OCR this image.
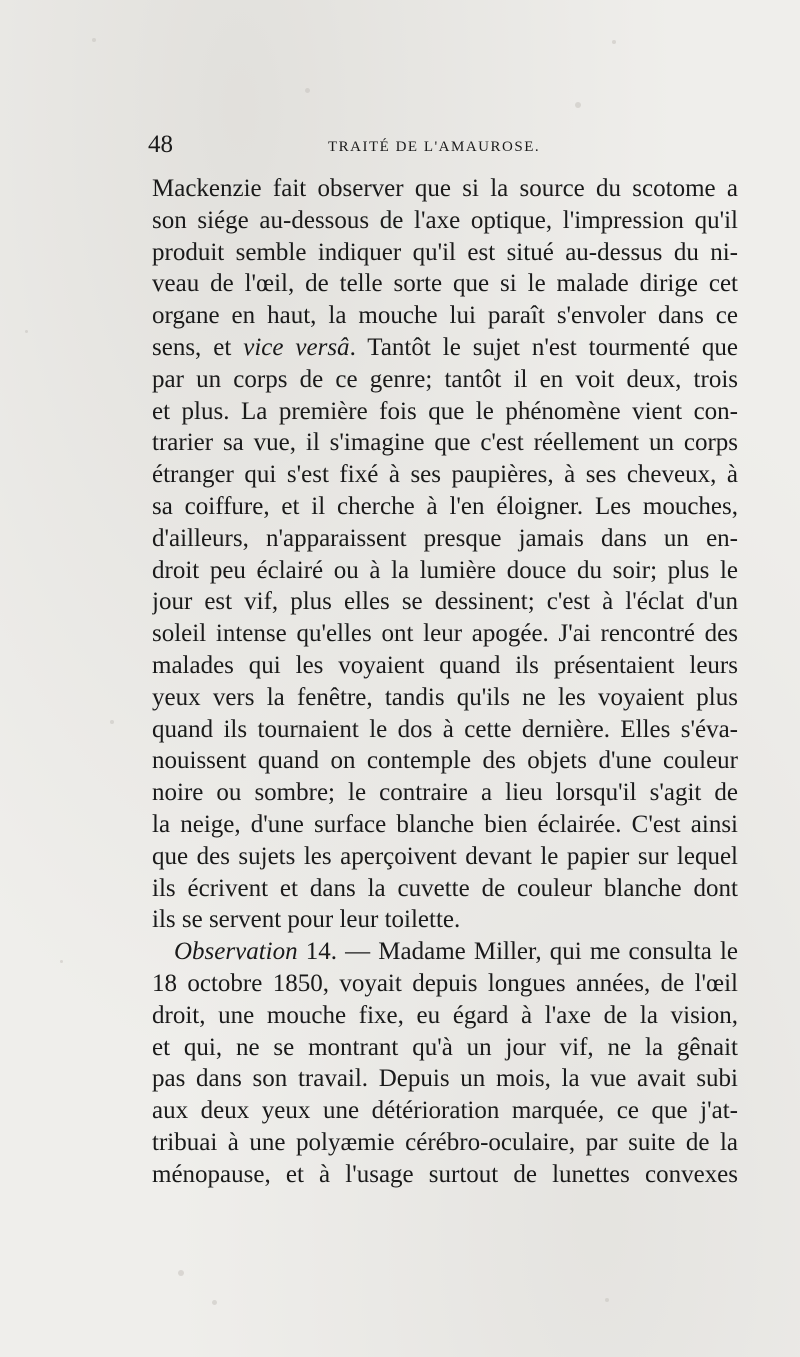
48	TRAITÉ DE L'AMAUROSE.
Mackenzie fait observer que si la source du scotome a
son siége au-dessous de l'axe optique, l'impression qu'il
produit semble indiquer qu'il est situé au-dessus du ni-
veau de l'œil, de telle sorte que si le malade dirige cet
organe en haut, la mouche lui paraît s'envoler dans ce
sens, et vice versâ. Tantôt le sujet n'est tourmenté que
par un corps de ce genre; tantôt il en voit deux, trois
et plus. La première fois que le phénomène vient con-
trarier sa vue, il s'imagine que c'est réellement un corps
étranger qui s'est fixé à ses paupières, à ses cheveux, à
sa coiffure, et il cherche à l'en éloigner. Les mouches,
d'ailleurs, n'apparaissent presque jamais dans un en-
droit peu éclairé ou à la lumière douce du soir; plus le
jour est vif, plus elles se dessinent; c'est à l'éclat d'un
soleil intense qu'elles ont leur apogée. J'ai rencontré des
malades qui les voyaient quand ils présentaient leurs
yeux vers la fenêtre, tandis qu'ils ne les voyaient plus
quand ils tournaient le dos à cette dernière. Elles s'éva-
nouissent quand on contemple des objets d'une couleur
noire ou sombre; le contraire a lieu lorsqu'il s'agit de
la neige, d'une surface blanche bien éclairée. C'est ainsi
que des sujets les aperçoivent devant le papier sur lequel
ils écrivent et dans la cuvette de couleur blanche dont
ils se servent pour leur toilette.
Observation 14. — Madame Miller, qui me consulta le
18 octobre 1850, voyait depuis longues années, de l'œil
droit, une mouche fixe, eu égard à l'axe de la vision,
et qui, ne se montrant qu'à un jour vif, ne la gênait
pas dans son travail. Depuis un mois, la vue avait subi
aux deux yeux une détérioration marquée, ce que j'at-
tribuai à une polyæmie cérébro-oculaire, par suite de la
ménopause, et à l'usage surtout de lunettes convexes
